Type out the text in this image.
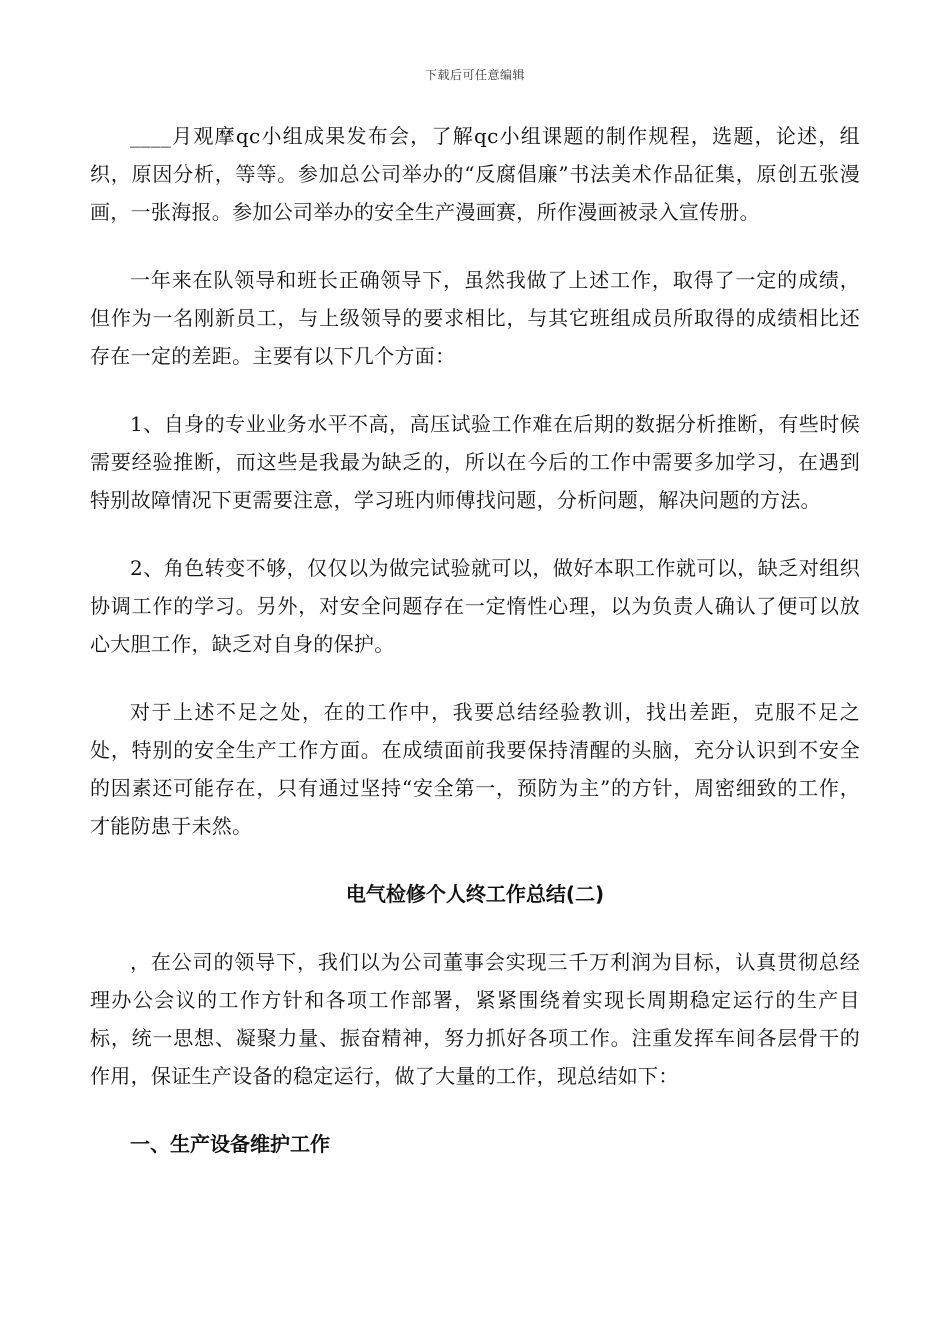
下载后可任意编辑

____月观摩qc小组成果发布会，了解qc小组课题的制作规程，选题，论述，组织，原因分析，等等。参加总公司举办的“反腐倡廉”书法美术作品征集，原创五张漫画，一张海报。参加公司举办的安全生产漫画赛，所作漫画被录入宣传册。

一年来在队领导和班长正确领导下，虽然我做了上述工作，取得了一定的成绩，但作为一名刚新员工，与上级领导的要求相比，与其它班组成员所取得的成绩相比还存在一定的差距。主要有以下几个方面：

1、自身的专业业务水平不高，高压试验工作难在后期的数据分析推断，有些时候需要经验推断，而这些是我最为缺乏的，所以在今后的工作中需要多加学习，在遇到特别故障情况下更需要注意，学习班内师傅找问题，分析问题，解决问题的方法。

2、角色转变不够，仅仅以为做完试验就可以，做好本职工作就可以，缺乏对组织协调工作的学习。另外，对安全问题存在一定惰性心理，以为负责人确认了便可以放心大胆工作，缺乏对自身的保护。

对于上述不足之处，在的工作中，我要总结经验教训，找出差距，克服不足之处，特别的安全生产工作方面。在成绩面前我要保持清醒的头脑，充分认识到不安全的因素还可能存在，只有通过坚持“安全第一，预防为主”的方针，周密细致的工作，才能防患于未然。

电气检修个人终工作总结(二)

，在公司的领导下，我们以为公司董事会实现三千万利润为目标，认真贯彻总经理办公会议的工作方针和各项工作部署，紧紧围绕着实现长周期稳定运行的生产目标，统一思想、凝聚力量、振奋精神，努力抓好各项工作。注重发挥车间各层骨干的作用，保证生产设备的稳定运行，做了大量的工作，现总结如下：

一、生产设备维护工作
